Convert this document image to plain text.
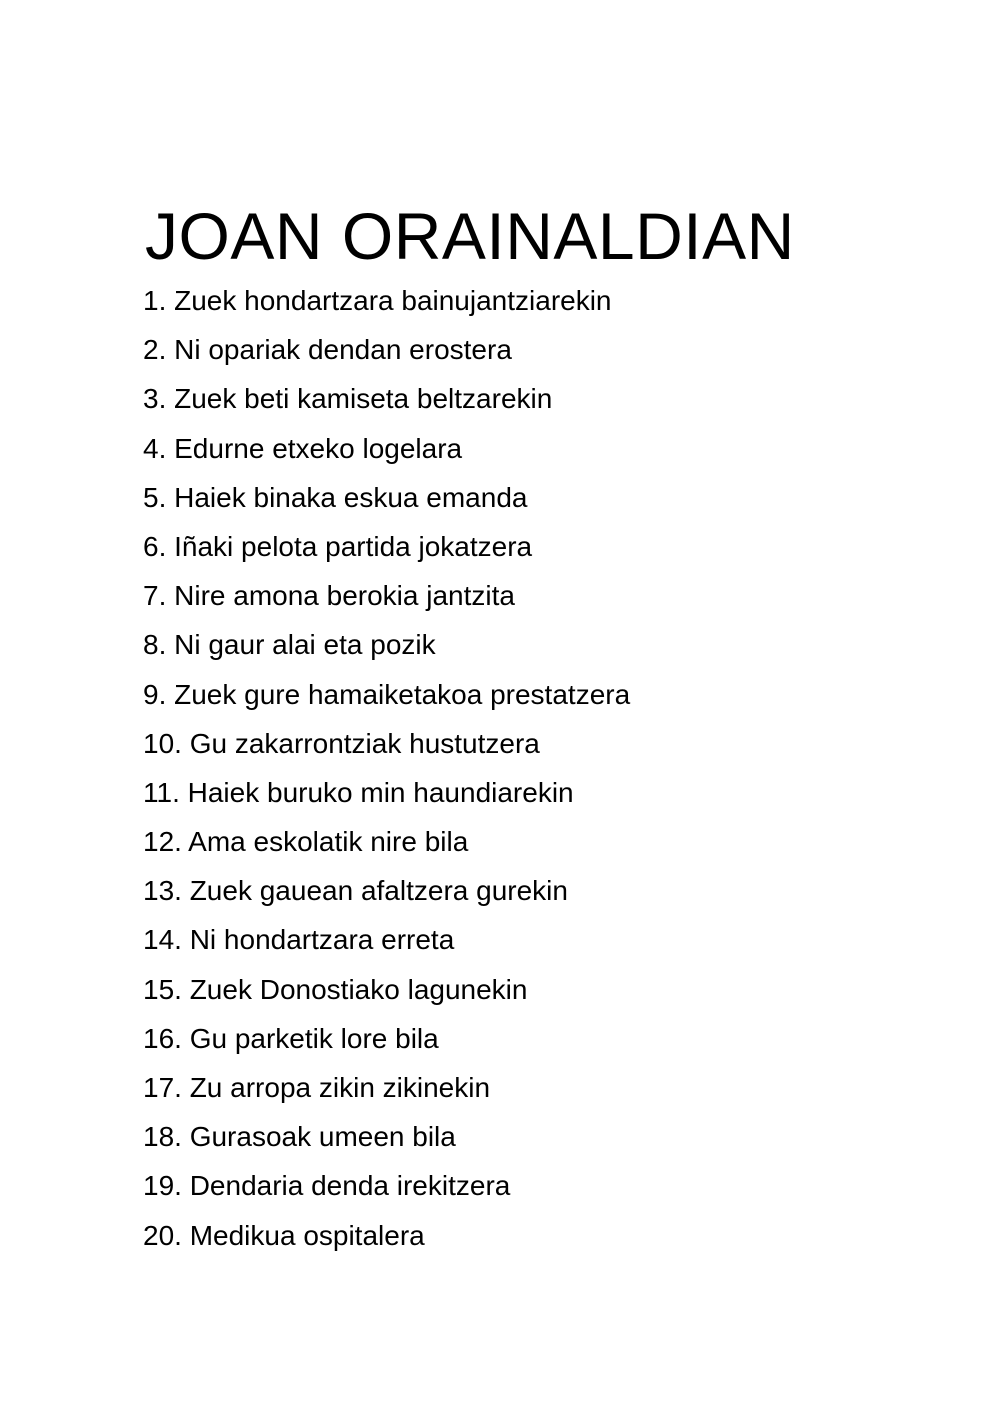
JOAN ORAINALDIAN
1. Zuek hondartzara bainujantziarekin
2. Ni opariak dendan erostera
3. Zuek beti kamiseta beltzarekin
4. Edurne etxeko logelara
5. Haiek binaka eskua emanda
6. Iñaki pelota partida jokatzera
7. Nire amona berokia jantzita
8. Ni gaur alai eta pozik
9. Zuek gure hamaiketakoa prestatzera
10. Gu zakarrontziak hustutzera
11. Haiek buruko min haundiarekin
12. Ama eskolatik nire bila
13. Zuek gauean afaltzera gurekin
14. Ni hondartzara erreta
15. Zuek Donostiako lagunekin
16. Gu parketik lore bila
17. Zu arropa zikin zikinekin
18. Gurasoak umeen bila
19. Dendaria denda irekitzera
20. Medikua ospitalera
